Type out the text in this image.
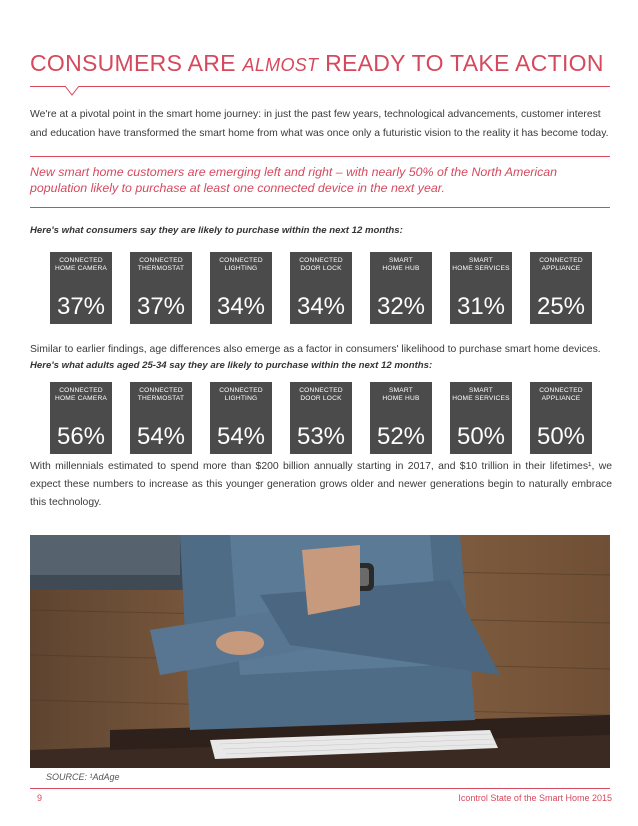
CONSUMERS ARE ALMOST READY TO TAKE ACTION

We're at a pivotal point in the smart home journey: in just the past few years, technological advancements, customer interest and education have transformed the smart home from what was once only a futuristic vision to the reality it has become today.

New smart home customers are emerging left and right – with nearly 50% of the North American population likely to purchase at least one connected device in the next year.

Here's what consumers say they are likely to purchase within the next 12 months:

CONNECTED
HOME CAMERA
37%
CONNECTED
THERMOSTAT
37%
CONNECTED
LIGHTING
34%
CONNECTED
DOOR LOCK
34%
SMART
HOME HUB
32%
SMART
HOME SERVICES
31%
CONNECTED
APPLIANCE
25%
Similar to earlier findings, age differences also emerge as a factor in consumers' likelihood to purchase smart home devices.
Here's what adults aged 25-34 say they are likely to purchase within the next 12 months:
CONNECTED
HOME CAMERA
56%
CONNECTED
THERMOSTAT
54%
CONNECTED
LIGHTING
54%
CONNECTED
DOOR LOCK
53%
SMART
HOME HUB
52%
SMART
HOME SERVICES
50%
CONNECTED
APPLIANCE
50%

With millennials estimated to spend more than $200 billion annually starting in 2017, and $10 trillion in their lifetimes¹, we expect these numbers to increase as this younger generation grows older and newer generations begin to naturally embrace this technology.

SOURCE: ¹AdAge

9	Icontrol State of the Smart Home 2015
